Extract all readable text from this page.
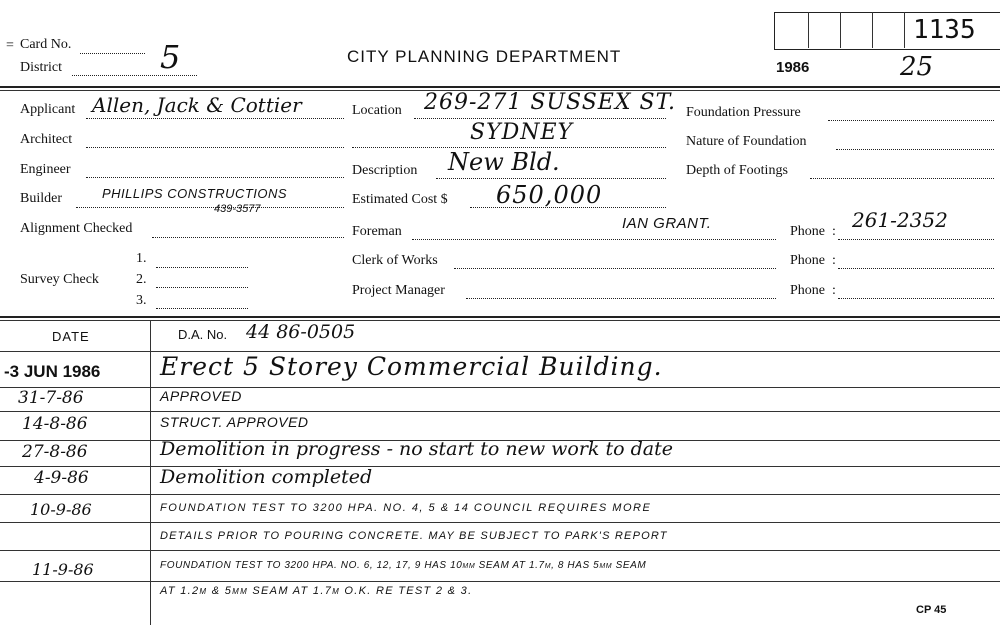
= Card No.
District	5	CITY PLANNING DEPARTMENT
1986
1135
25
Applicant Allen, Jack & Cottier
Architect
Engineer
Builder	PHILLIPS CONSTRUCTIONS
439-3577
Alignment Checked
Survey Check
1.
2.
3.
Location 269-271 SUSSEX ST.
SYDNEY
Description New Bld.
Estimated Cost $ 650,000
Foreman	IAN GRANT.
Clerk of Works
Project Manager
Foundation Pressure
Nature of Foundation
Depth of Footings
Phone : 261-2352
Phone :
Phone :
DATE	D.A. No. 44 86-0505
-3 JUN 1986 Erect 5 Storey Commercial Building.
31-7-86	APPROVED
14-8-86	STRUCT. APPROVED
27-8-86	Demolition in progress - no start to new work to date
4-9-86	Demolition completed
10-9-86	FOUNDATION TEST TO 3200 HPA. NO. 4, 5 & 14 COUNCIL REQUIRES MORE
DETAILS PRIOR TO POURING CONCRETE. MAY BE SUBJECT TO PARK'S REPORT
11-9-86	FOUNDATION TEST TO 3200 HPA. NO. 6, 12, 17, 9 HAS 10mm SEAM AT 1.7m, 8 HAS 5mm SEAM
AT 1.2m & 5mm SEAM AT 1.7m O.K. RE TEST 2 & 3.
CP 45
